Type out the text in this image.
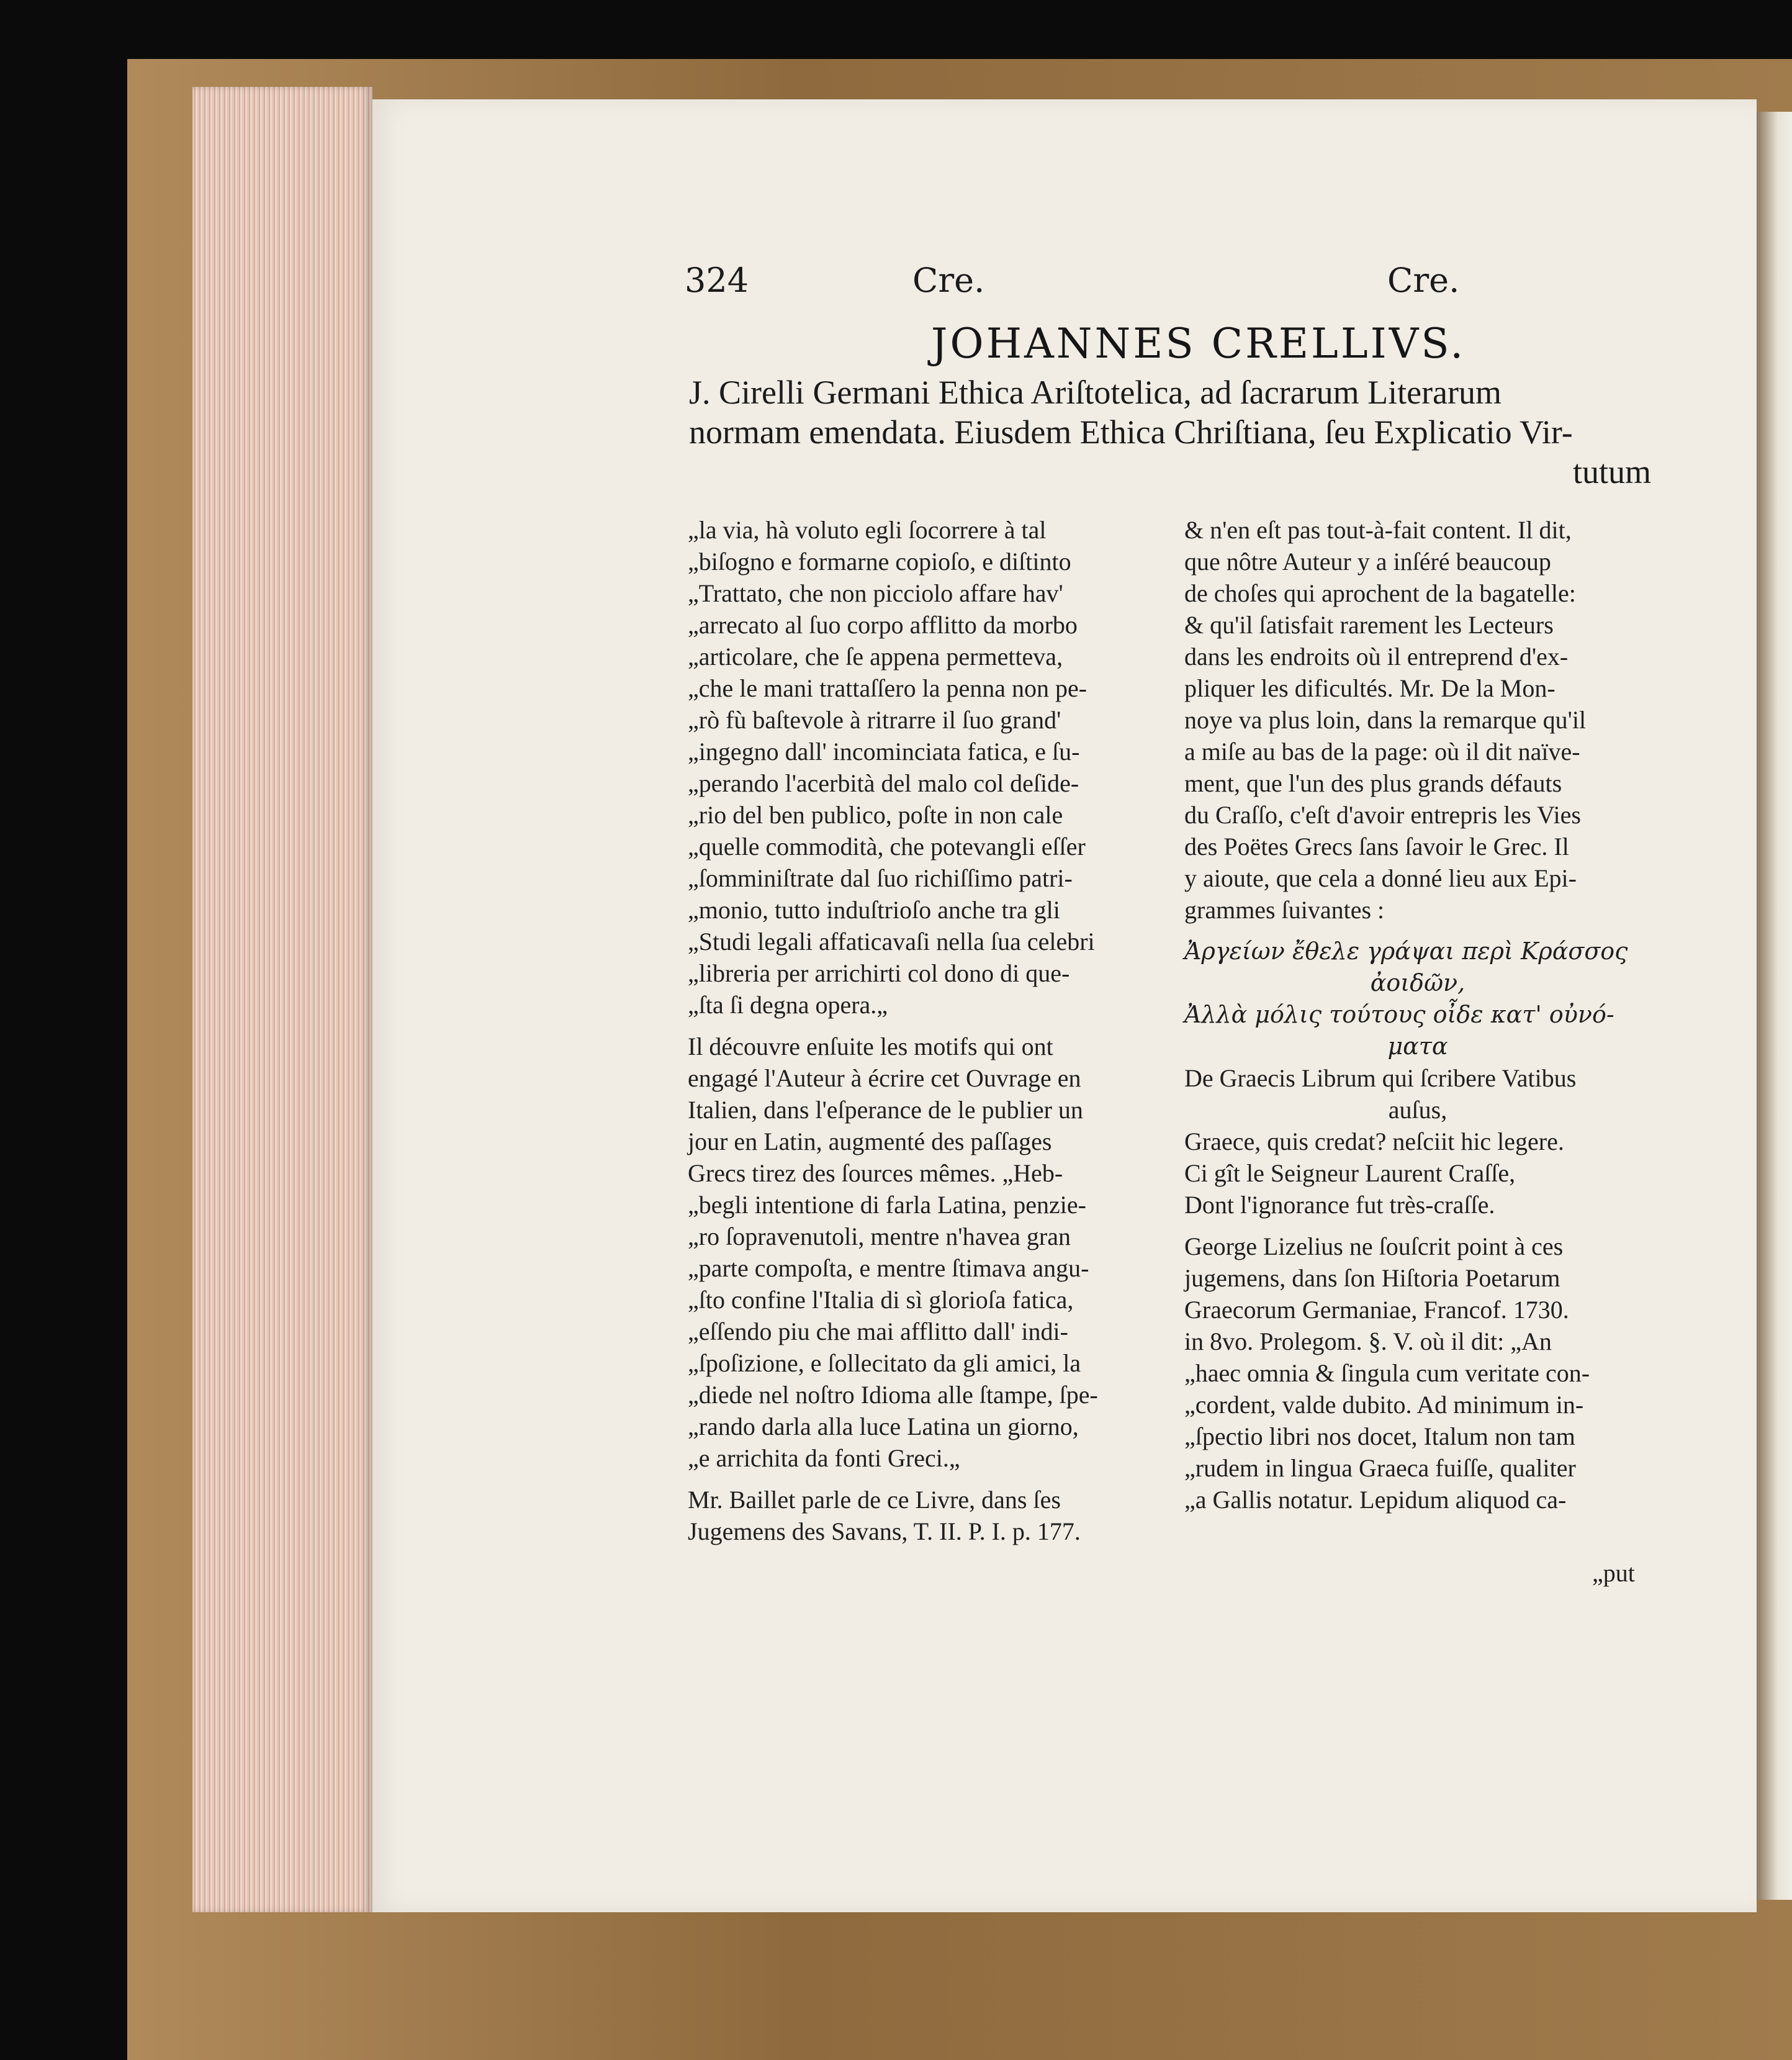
324	Cre.	Cre.
JOHANNES CRELLIVS.
J. Cirelli Germani Ethica Ariſtotelica, ad ſacrarum Literarum
normam emendata. Eiusdem Ethica Chriſtiana, ſeu Explicatio Vir-
tutum
„la via, hà voluto egli ſocorrere à tal
„biſogno e formarne copioſo, e diſtinto
„Trattato, che non picciolo affare hav'
„arrecato al ſuo corpo afflitto da morbo
„articolare, che ſe appena permetteva,
„che le mani trattaſſero la penna non pe-
„rò fù baſtevole à ritrarre il ſuo grand'
„ingegno dall' incominciata fatica, e ſu-
„perando l'acerbità del malo col deſide-
„rio del ben publico, poſte in non cale
„quelle commodità, che potevangli eſſer
„ſomminiſtrate dal ſuo richiſſimo patri-
„monio, tutto induſtrioſo anche tra gli
„Studi legali affaticavaſi nella ſua celebri
„libreria per arrichirti col dono di que-
„ſta ſi degna opera.„
Il découvre enſuite les motifs qui ont
engagé l'Auteur à écrire cet Ouvrage en
Italien, dans l'eſperance de le publier un
jour en Latin, augmenté des paſſages
Grecs tirez des ſources mêmes. „Heb-
„begli intentione di farla Latina, penzie-
„ro ſopravenutoli, mentre n'havea gran
„parte compoſta, e mentre ſtimava angu-
„ſto confine l'Italia di sì glorioſa fatica,
„eſſendo piu che mai afflitto dall' indi-
„ſpoſizione, e ſollecitato da gli amici, la
„diede nel noſtro Idioma alle ſtampe, ſpe-
„rando darla alla luce Latina un giorno,
„e arrichita da fonti Greci.„
Mr. Baillet parle de ce Livre, dans ſes
Jugemens des Savans, T. II. P. I. p. 177.
& n'en eſt pas tout-à-fait content. Il dit,
que nôtre Auteur y a inſéré beaucoup
de choſes qui aprochent de la bagatelle:
& qu'il ſatisfait rarement les Lecteurs
dans les endroits où il entreprend d'ex-
pliquer les dificultés. Mr. De la Mon-
noye va plus loin, dans la remarque qu'il
a miſe au bas de la page: où il dit naïve-
ment, que l'un des plus grands défauts
du Craſſo, c'eſt d'avoir entrepris les Vies
des Poëtes Grecs ſans ſavoir le Grec. Il
y aioute, que cela a donné lieu aux Epi-
grammes ſuivantes :
Ἀργείων ἔθελε γράψαι περὶ Κράσσος
ἀοιδῶν,
Ἀλλὰ μόλις τούτους οἶδε κατ' οὐνό-
ματα
De Graecis Librum qui ſcribere Vatibus
auſus,
Graece, quis credat? neſciit hic legere.
Ci gît le Seigneur Laurent Craſſe,
Dont l'ignorance fut très-craſſe.
George Lizelius ne ſouſcrit point à ces
jugemens, dans ſon Hiſtoria Poetarum
Graecorum Germaniae, Francof. 1730.
in 8vo. Prolegom. §. V. où il dit: „An
„haec omnia & ſingula cum veritate con-
„cordent, valde dubito. Ad minimum in-
„ſpectio libri nos docet, Italum non tam
„rudem in lingua Graeca fuiſſe, qualiter
„a Gallis notatur. Lepidum aliquod ca-
„put
